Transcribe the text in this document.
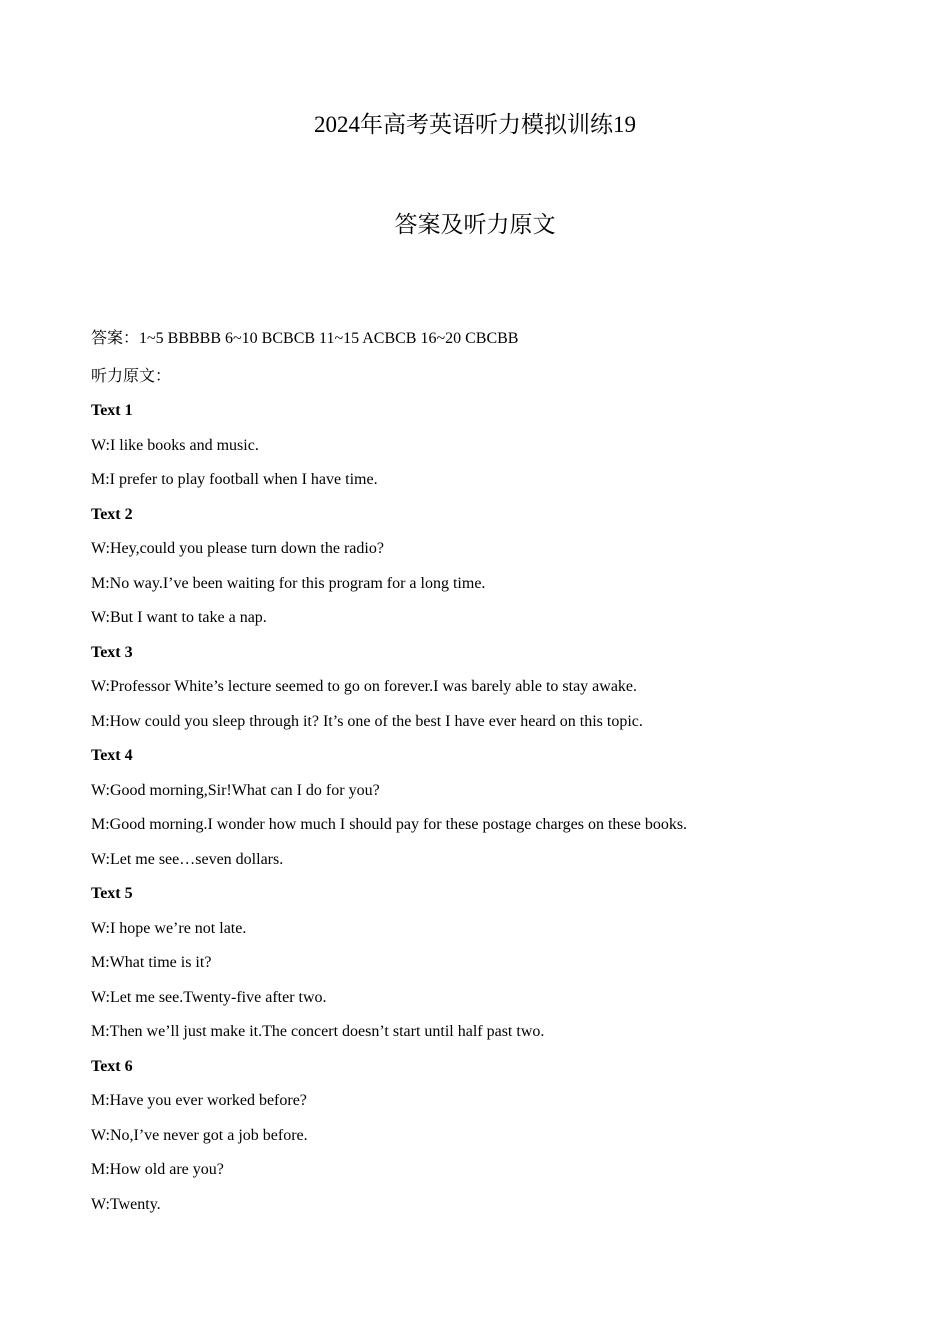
2024年高考英语听力模拟训练19
答案及听力原文
答案：1~5 BBBBB 6~10 BCBCB 11~15 ACBCB 16~20 CBCBB
听力原文：
Text 1
W:I like books and music.
M:I prefer to play football when I have time.
Text 2
W:Hey,could you please turn down the radio?
M:No way.I’ve been waiting for this program for a long time.
W:But I want to take a nap.
Text 3
W:Professor White’s lecture seemed to go on forever.I was barely able to stay awake.
M:How could you sleep through it? It’s one of the best I have ever heard on this topic.
Text 4
W:Good morning,Sir!What can I do for you?
M:Good morning.I wonder how much I should pay for these postage charges on these books.
W:Let me see…seven dollars.
Text 5
W:I hope we’re not late.
M:What time is it?
W:Let me see.Twenty-five after two.
M:Then we’ll just make it.The concert doesn’t start until half past two.
Text 6
M:Have you ever worked before?
W:No,I’ve never got a job before.
M:How old are you?
W:Twenty.
